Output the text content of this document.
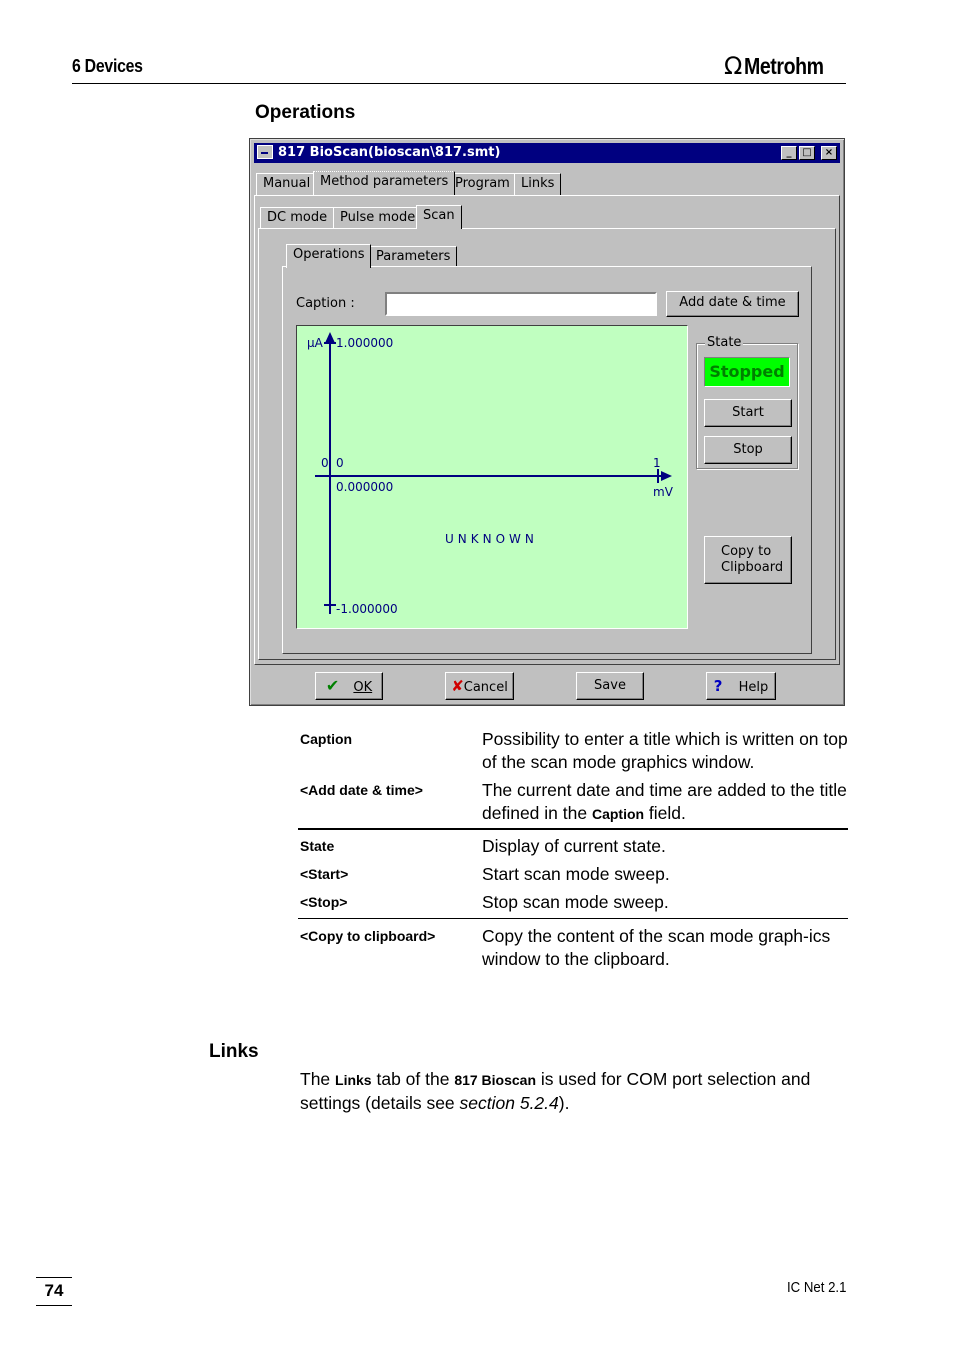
6 Devices	Ω Metrohm
Operations
817 BioScan(bioscan\817.smt)	_	□	×
Manual Method parameters Program Links
DC mode Pulse mode Scan
Operations Parameters
Caption :	Add date & time
µA 1.000000
0 0	1
0.000000	mV
UNKNOWN
-1.000000
State
Stopped
Start
Stop
Copy to
Clipboard
✔ OK	✘Cancel	Save	? Help
Caption	Possibility to enter a title which is written on top of the scan mode graphics window.
<Add date & time>	The current date and time are added to the title defined in the Caption field.
State	Display of current state.
<Start>	Start scan mode sweep.
<Stop>	Stop scan mode sweep.
<Copy to clipboard>	Copy the content of the scan mode graph-ics window to the clipboard.
Links
The Links tab of the 817 Bioscan is used for COM port selection and settings (details see section 5.2.4).
74	IC Net 2.1
